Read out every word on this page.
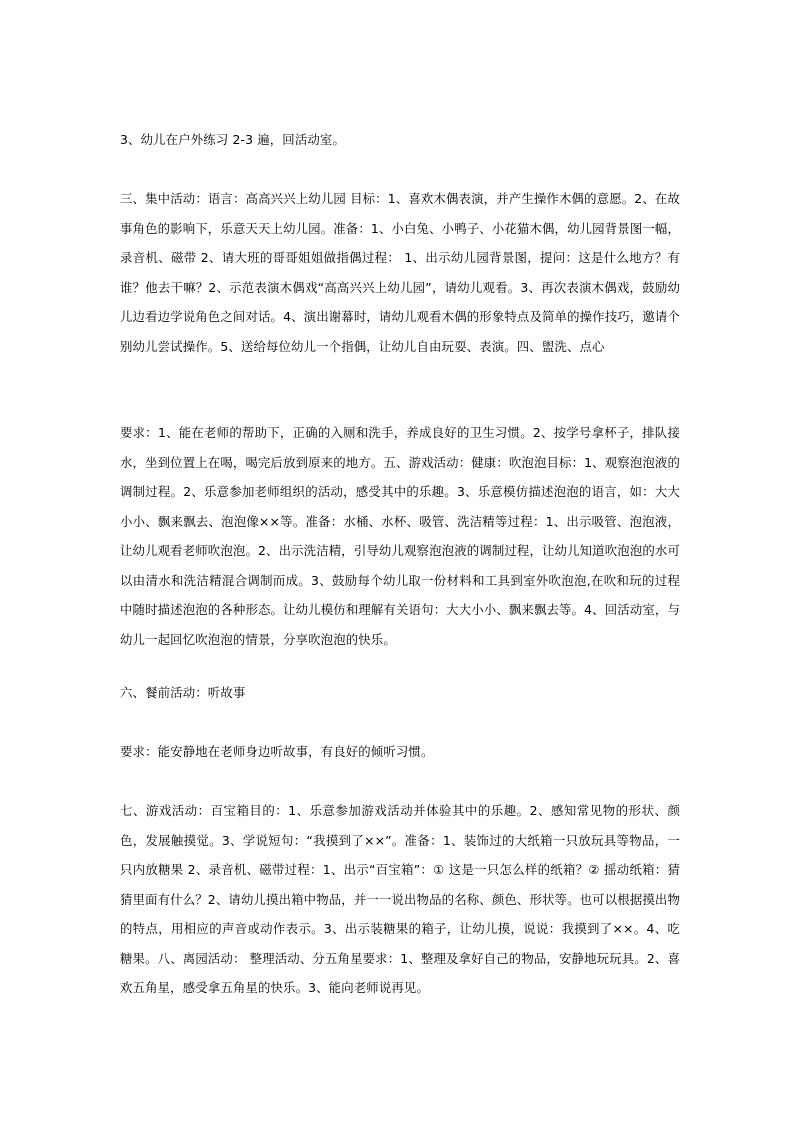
3、幼儿在户外练习 2-3 遍，回活动室。

三、集中活动：语言：高高兴兴上幼儿园 目标：1、喜欢木偶表演，并产生操作木偶的意愿。2、在故事角色的影响下，乐意天天上幼儿园。准备：1、小白兔、小鸭子、小花猫木偶，幼儿园背景图一幅，录音机、磁带 2、请大班的哥哥姐姐做指偶过程： 1、出示幼儿园背景图，提问：这是什么地方？有谁？他去干嘛？2、示范表演木偶戏“高高兴兴上幼儿园”，请幼儿观看。3、再次表演木偶戏，鼓励幼儿边看边学说角色之间对话。4、演出谢幕时，请幼儿观看木偶的形象特点及简单的操作技巧，邀请个别幼儿尝试操作。5、送给每位幼儿一个指偶，让幼儿自由玩耍、表演。四、盥洗、点心

要求：1、能在老师的帮助下，正确的入厕和洗手，养成良好的卫生习惯。2、按学号拿杯子，排队接水，坐到位置上在喝，喝完后放到原来的地方。五、游戏活动：健康：吹泡泡目标：1、观察泡泡液的调制过程。2、乐意参加老师组织的活动，感受其中的乐趣。3、乐意模仿描述泡泡的语言，如：大大小小、飘来飘去、泡泡像××等。准备：水桶、水杯、吸管、洗洁精等过程：1、出示吸管、泡泡液，让幼儿观看老师吹泡泡。2、出示洗洁精，引导幼儿观察泡泡液的调制过程，让幼儿知道吹泡泡的水可以由清水和洗洁精混合调制而成。3、鼓励每个幼儿取一份材料和工具到室外吹泡泡,在吹和玩的过程中随时描述泡泡的各种形态。让幼儿模仿和理解有关语句：大大小小、飘来飘去等。4、回活动室，与幼儿一起回忆吹泡泡的情景，分享吹泡泡的快乐。

六、餐前活动：听故事

要求：能安静地在老师身边听故事，有良好的倾听习惯。

七、游戏活动：百宝箱目的：1、乐意参加游戏活动并体验其中的乐趣。2、感知常见物的形状、颜色，发展触摸觉。3、学说短句：“我摸到了××”。准备：1、装饰过的大纸箱一只放玩具等物品，一只内放糖果 2、录音机、磁带过程：1、出示“百宝箱”：① 这是一只怎么样的纸箱？② 摇动纸箱：猜猜里面有什么？2、请幼儿摸出箱中物品，并一一说出物品的名称、颜色、形状等。也可以根据摸出物的特点，用相应的声音或动作表示。3、出示装糖果的箱子，让幼儿摸，说说：我摸到了××。4、吃糖果。八、离园活动： 整理活动、分五角星要求：1、整理及拿好自己的物品，安静地玩玩具。2、喜欢五角星，感受拿五角星的快乐。3、能向老师说再见。
